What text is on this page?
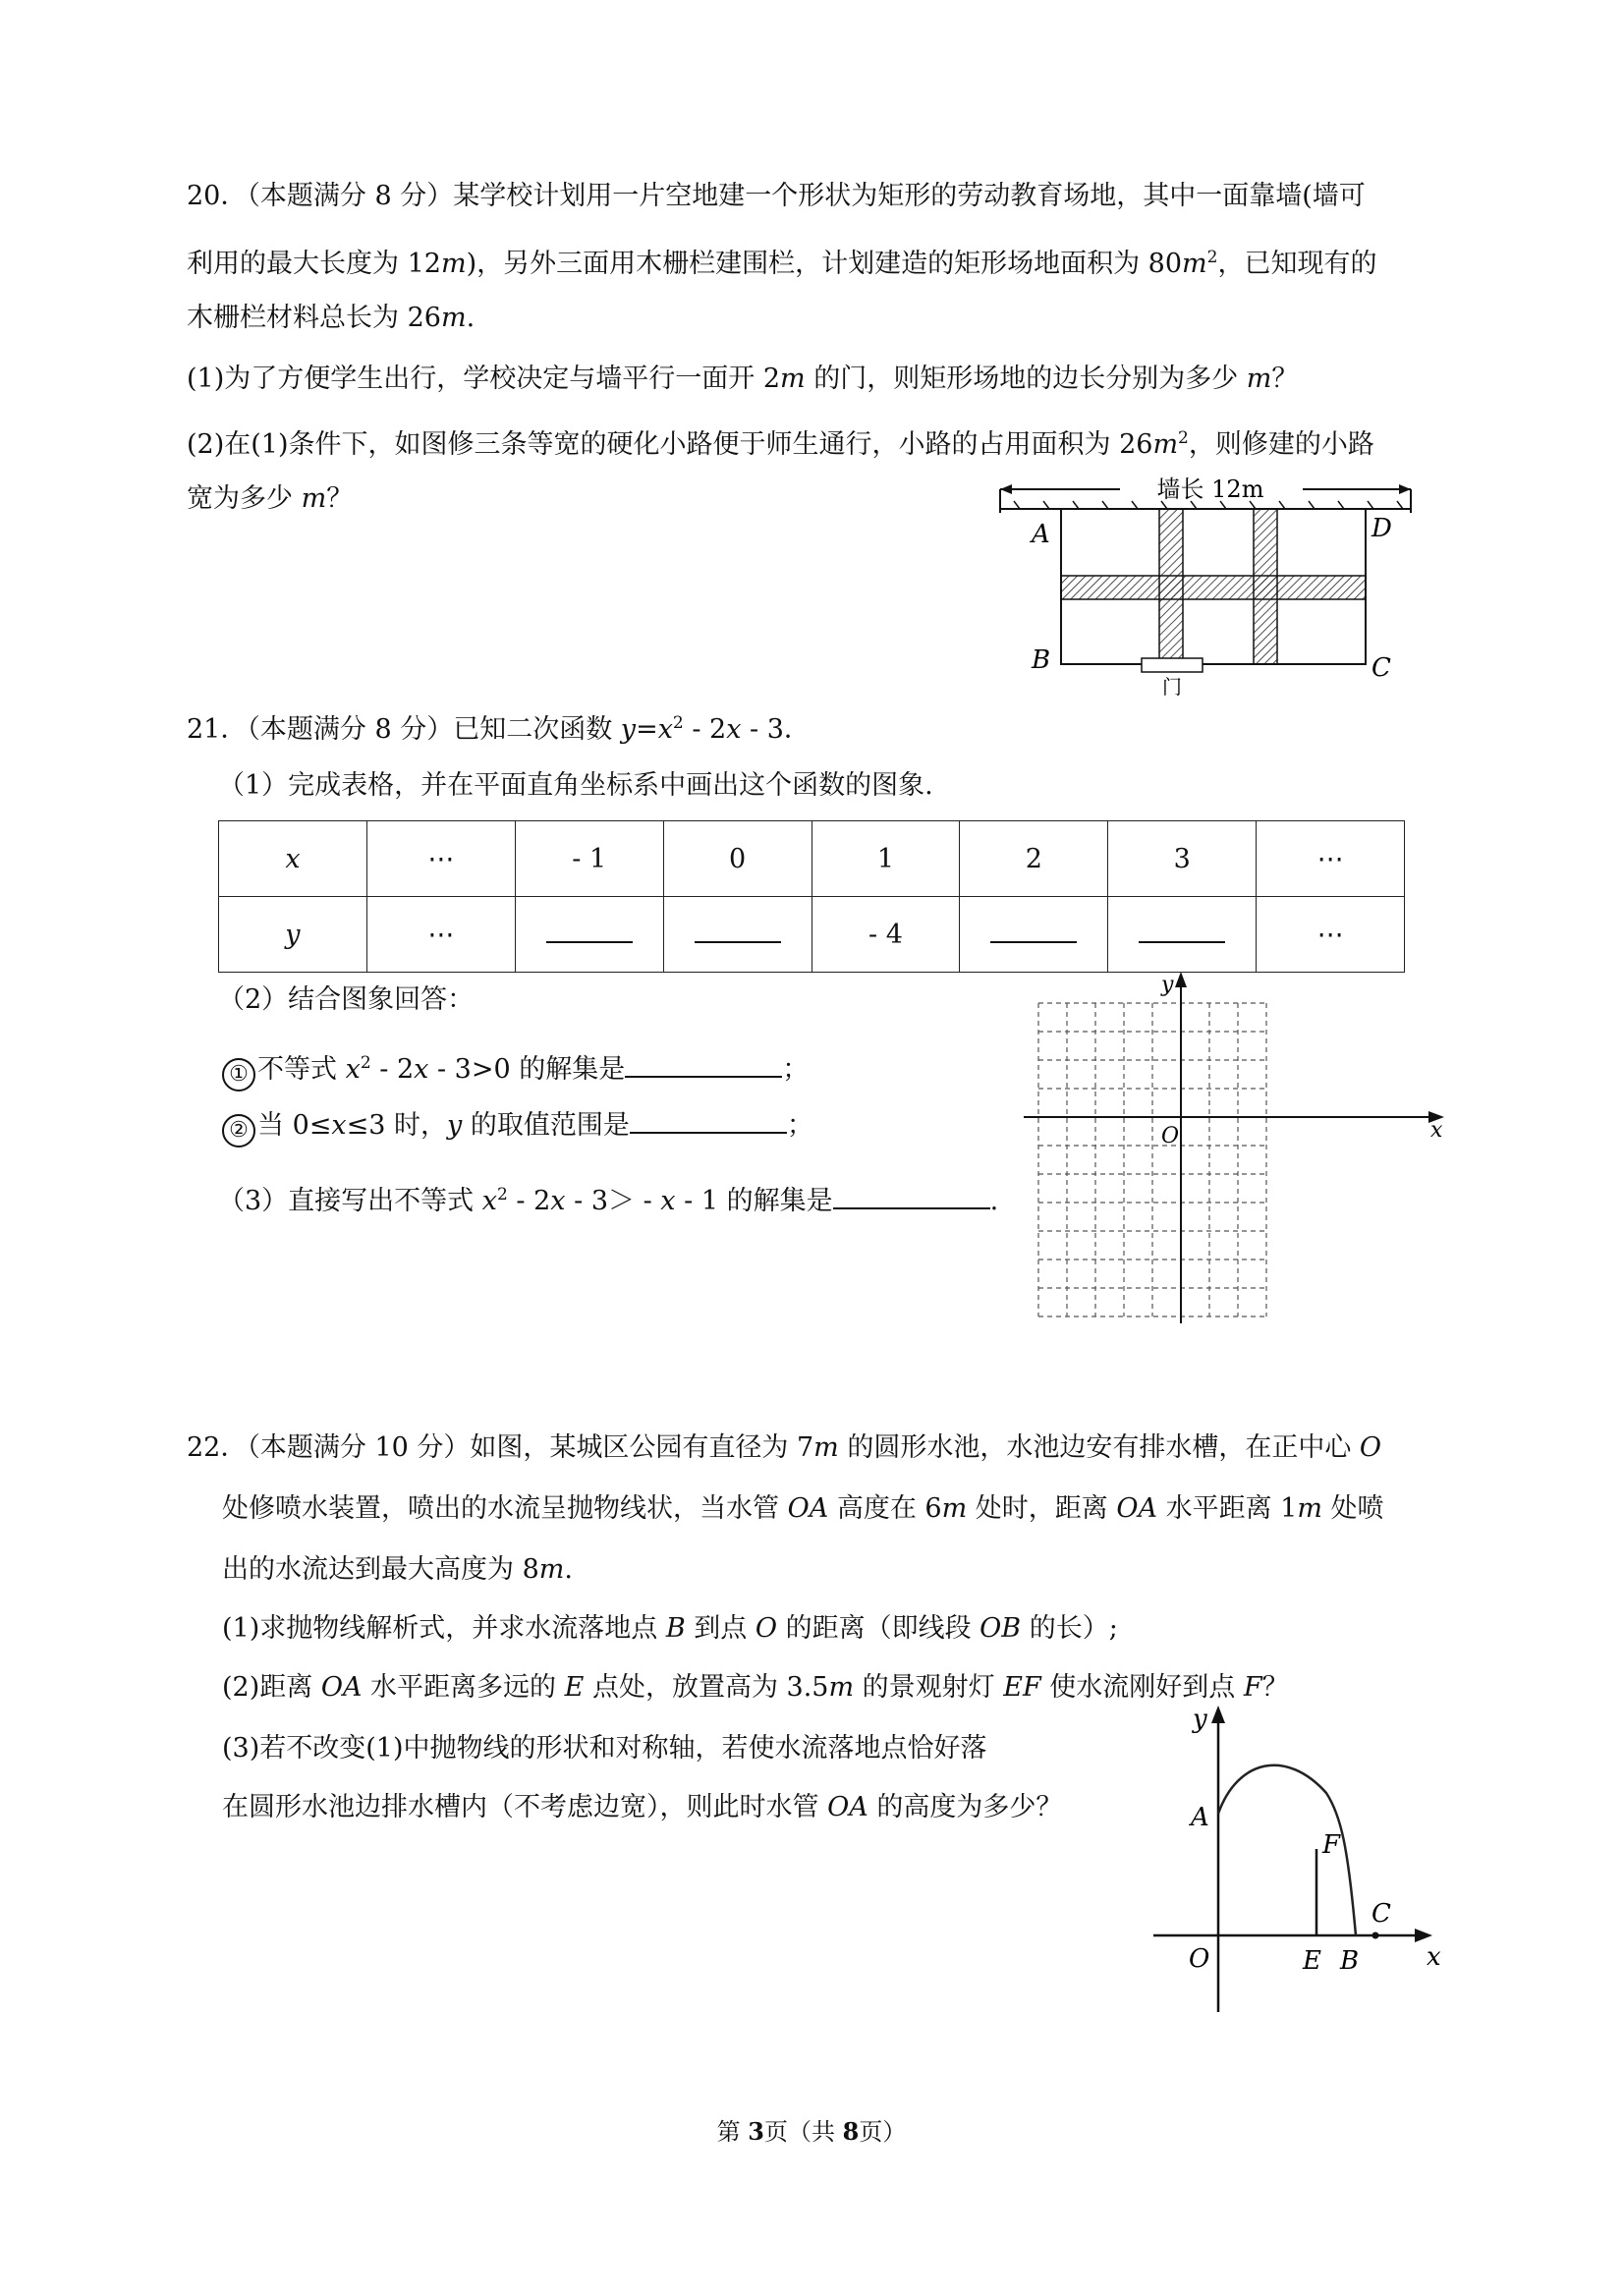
20．（本题满分 8 分）某学校计划用一片空地建一个形状为矩形的劳动教育场地，其中一面靠墙(墙可
利用的最大长度为 12m)，另外三面用木栅栏建围栏，计划建造的矩形场地面积为 $80m^2$，已知现有的
木栅栏材料总长为 26m.
(1)为了方便学生出行，学校决定与墙平行一面开 2m 的门，则矩形场地的边长分别为多少 m？
(2)在(1)条件下，如图修三条等宽的硬化小路便于师生通行，小路的占用面积为 $26m^2$，则修建的小路
宽为多少 m？	墙长 12m
门
A	D
B	C
21．（本题满分 8 分）已知二次函数 $y=x^2 - 2x - 3$．
（1）完成表格，并在平面直角坐标系中画出这个函数的图象.
x	⋯	- 1	0	1	2	3	⋯
y	⋯			- 4			⋯
（2）结合图象回答：
① 不等式 $x^2 - 2x - 3>0$ 的解集是	；
② 当 0≤x≤3 时，y 的取值范围是	；
（3）直接写出不等式 $x^2 - 2x - 3> - x - 1$ 的解集是	.
y
x
O
22．（本题满分 10 分）如图，某城区公园有直径为 7m 的圆形水池，水池边安有排水槽，在正中心 O
处修喷水装置，喷出的水流呈抛物线状，当水管 OA 高度在 6m 处时，距离 OA 水平距离 1m 处喷
出的水流达到最大高度为 8m.
(1)求抛物线解析式，并求水流落地点 B 到点 O 的距离（即线段 OB 的长）;
(2)距离 OA 水平距离多远的 E 点处，放置高为 3.5m 的景观射灯 EF 使水流刚好到点 F？
(3)若不改变(1)中抛物线的形状和对称轴，若使水流落地点恰好落
在圆形水池边排水槽内（不考虑边宽），则此时水管 OA 的高度为多少？
y
x
O
A
F
C
E B
第 3页（共 8页）
